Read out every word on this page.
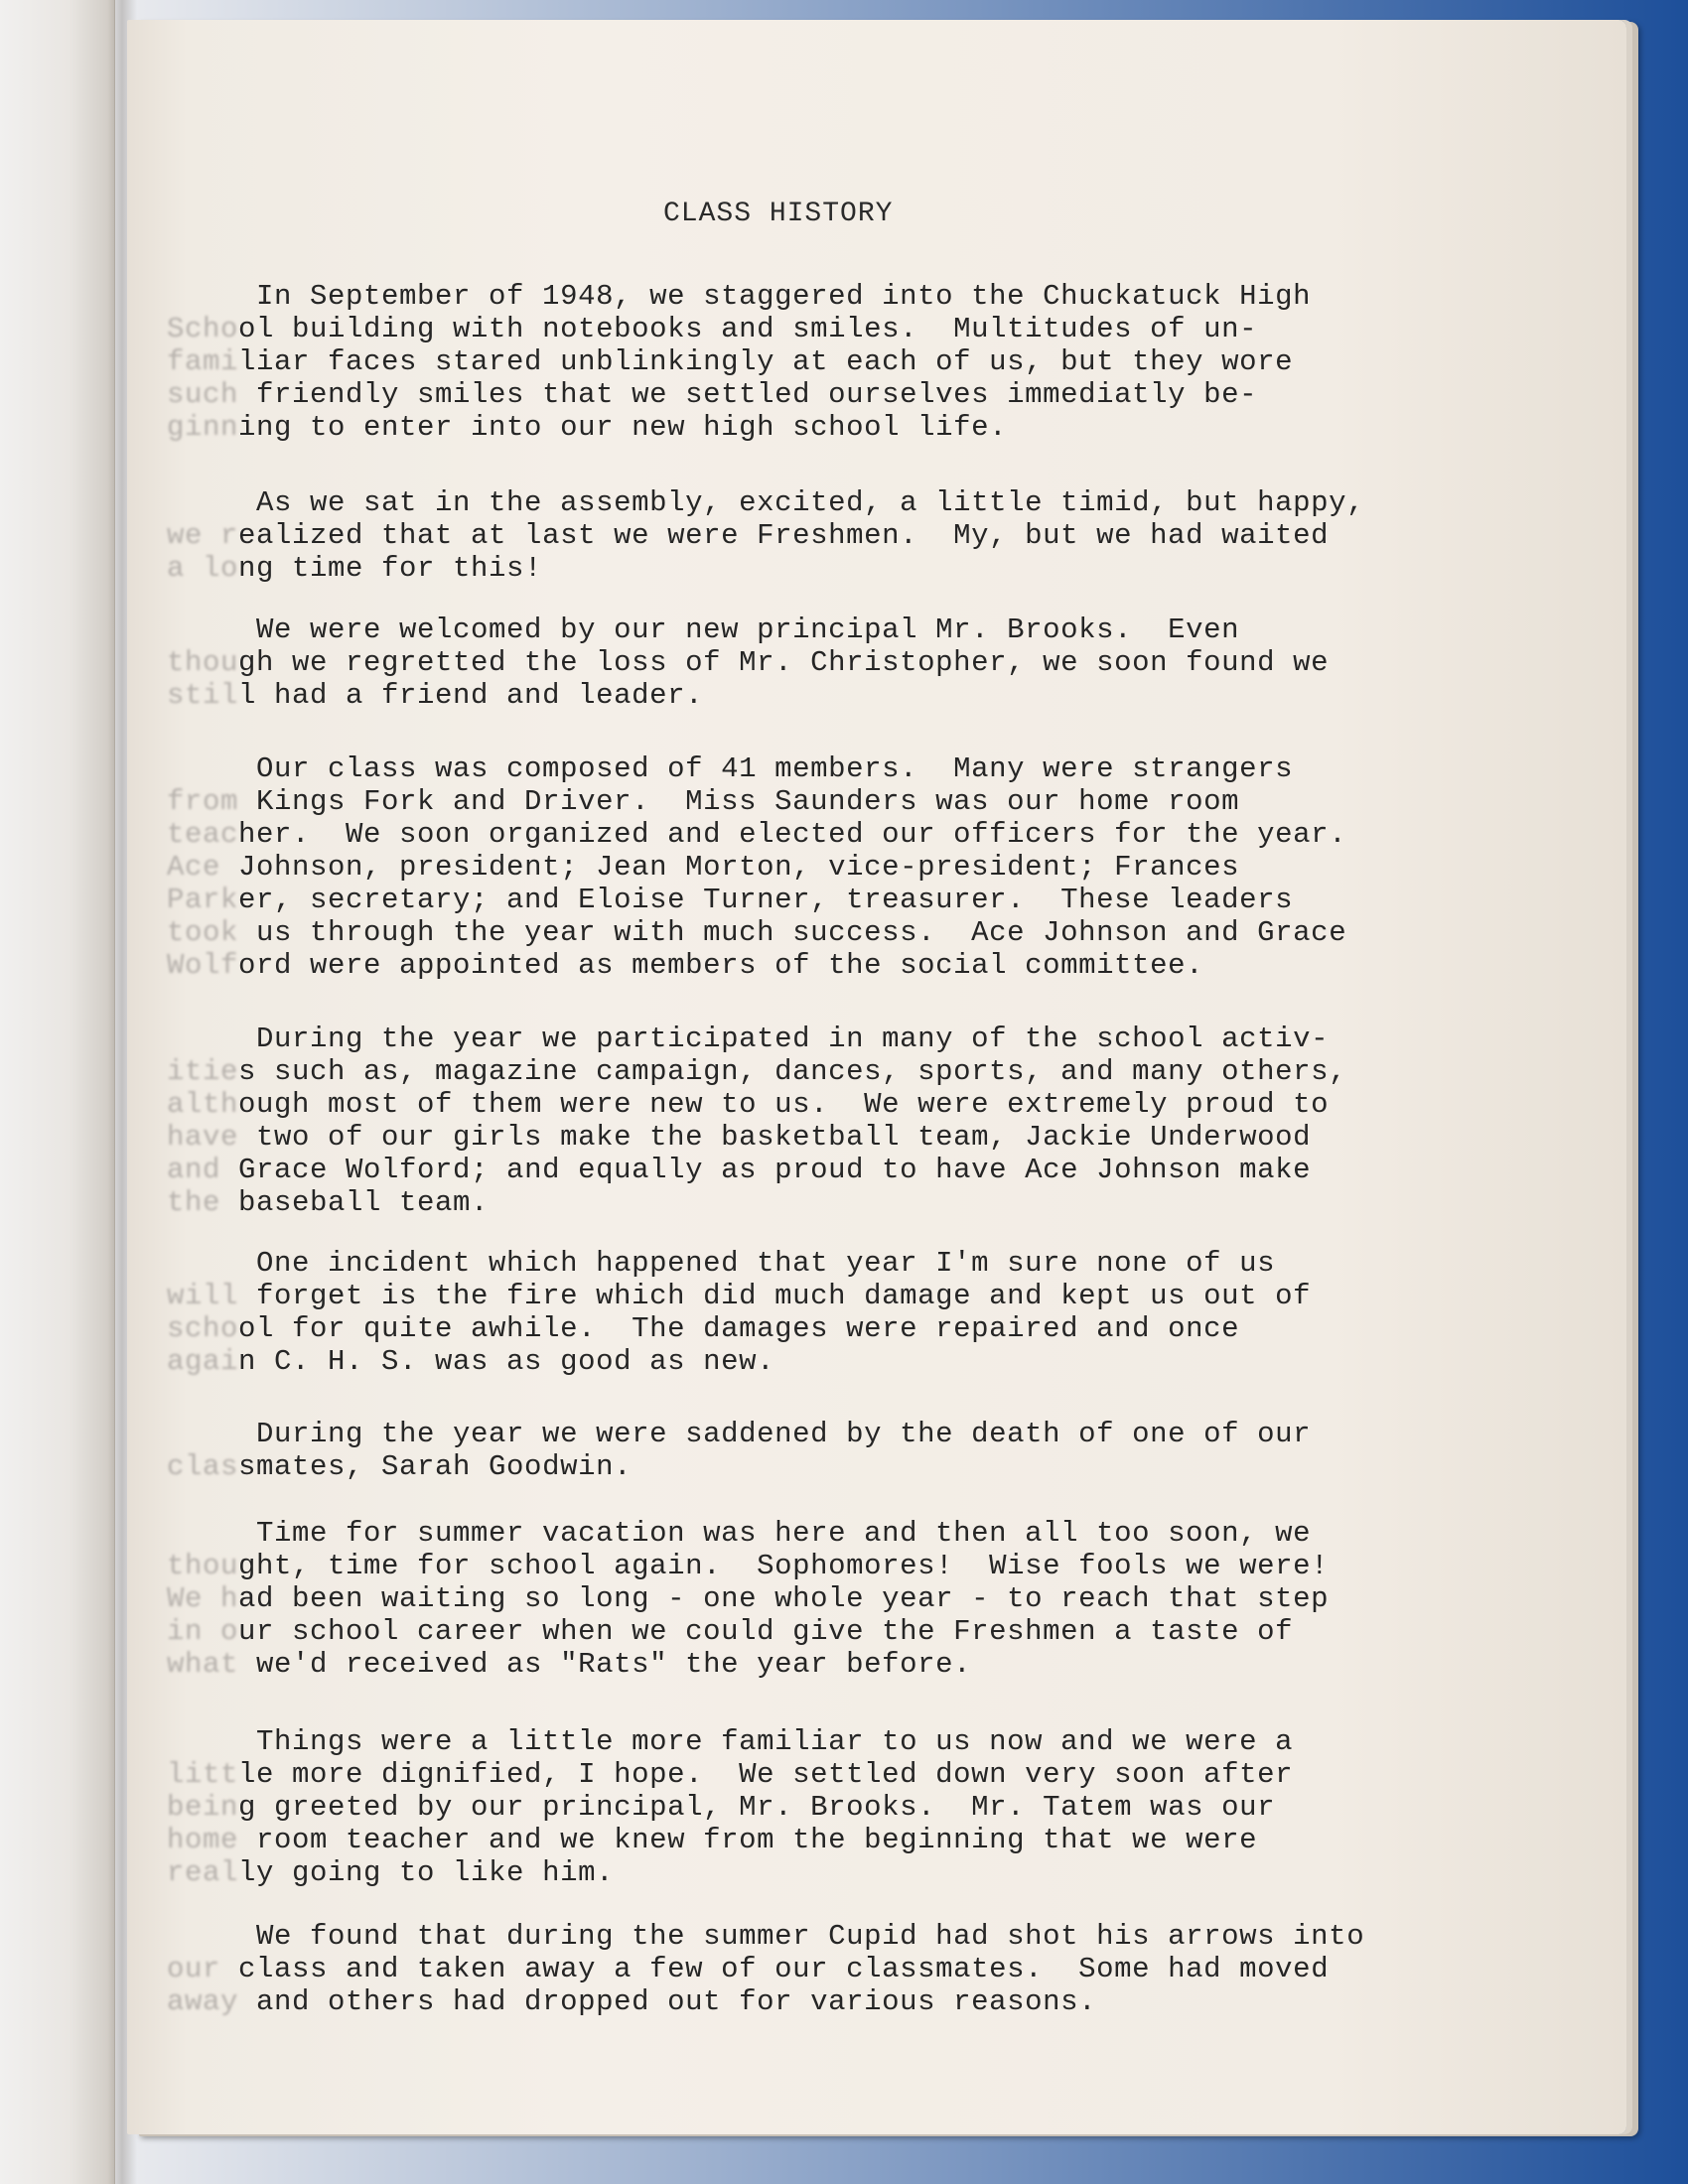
CLASS HISTORY
In September of 1948, we staggered into the Chuckatuck High
School building with notebooks and smiles.  Multitudes of un-
familiar faces stared unblinkingly at each of us, but they wore
such friendly smiles that we settled ourselves immediatly be-
ginning to enter into our new high school life.
As we sat in the assembly, excited, a little timid, but happy,
we realized that at last we were Freshmen.  My, but we had waited
a long time for this!
We were welcomed by our new principal Mr. Brooks.  Even
though we regretted the loss of Mr. Christopher, we soon found we
still had a friend and leader.
Our class was composed of 41 members.  Many were strangers
from Kings Fork and Driver.  Miss Saunders was our home room
teacher.  We soon organized and elected our officers for the year.
Ace Johnson, president; Jean Morton, vice-president; Frances
Parker, secretary; and Eloise Turner, treasurer.  These leaders
took us through the year with much success.  Ace Johnson and Grace
Wolford were appointed as members of the social committee.
During the year we participated in many of the school activ-
ities such as, magazine campaign, dances, sports, and many others,
although most of them were new to us.  We were extremely proud to
have two of our girls make the basketball team, Jackie Underwood
and Grace Wolford; and equally as proud to have Ace Johnson make
the baseball team.
One incident which happened that year I'm sure none of us
will forget is the fire which did much damage and kept us out of
school for quite awhile.  The damages were repaired and once
again C. H. S. was as good as new.
During the year we were saddened by the death of one of our
classmates, Sarah Goodwin.
Time for summer vacation was here and then all too soon, we
thought, time for school again.  Sophomores!  Wise fools we were!
We had been waiting so long - one whole year - to reach that step
in our school career when we could give the Freshmen a taste of
what we'd received as "Rats" the year before.
Things were a little more familiar to us now and we were a
little more dignified, I hope.  We settled down very soon after
being greeted by our principal, Mr. Brooks.  Mr. Tatem was our
home room teacher and we knew from the beginning that we were
really going to like him.
We found that during the summer Cupid had shot his arrows into
our class and taken away a few of our classmates.  Some had moved
away and others had dropped out for various reasons.
